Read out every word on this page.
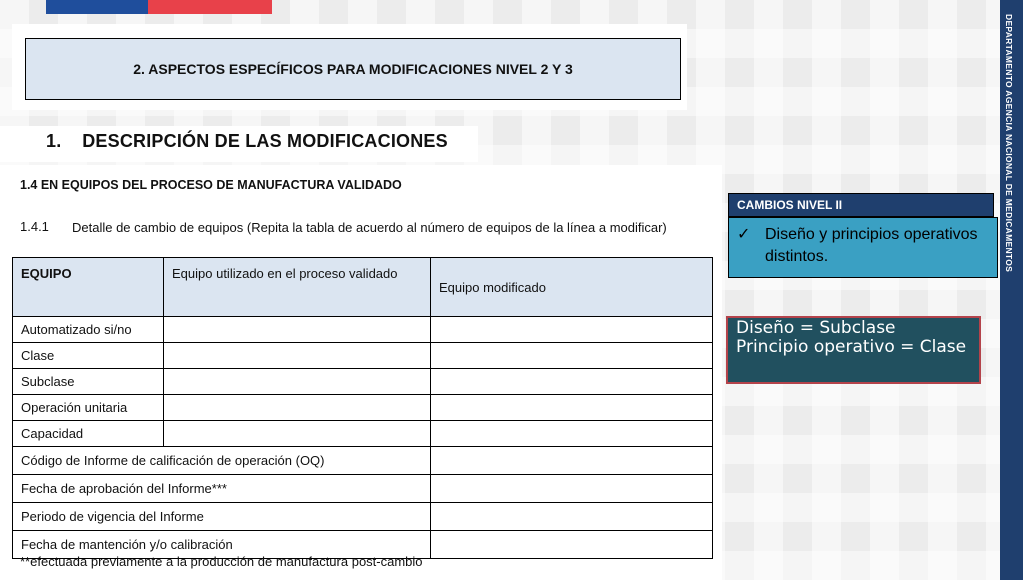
2. ASPECTOS ESPECÍFICOS PARA MODIFICACIONES NIVEL 2 Y 3
1.    DESCRIPCIÓN DE LAS MODIFICACIONES
1.4 EN EQUIPOS DEL PROCESO DE MANUFACTURA VALIDADO
1.4.1 Detalle de cambio de equipos (Repita la tabla de acuerdo al número de equipos de la línea a modificar)
EQUIPO	Equipo utilizado en el proceso validado	Equipo modificado
Automatizado si/no		
Clase		
Subclase		
Operación unitaria		
Capacidad		
Código de Informe de calificación de operación (OQ)		
Fecha de aprobación del Informe***		
Periodo de vigencia del Informe		
Fecha de mantención y/o calibración		
**efectuada previamente a la producción de manufactura post-cambio
CAMBIOS NIVEL II
✓ Diseño y principios operativos distintos.
Diseño = Subclase
Principio operativo = Clase
DEPARTAMENTO AGENCIA NACIONAL DE MEDICAMENTOS
